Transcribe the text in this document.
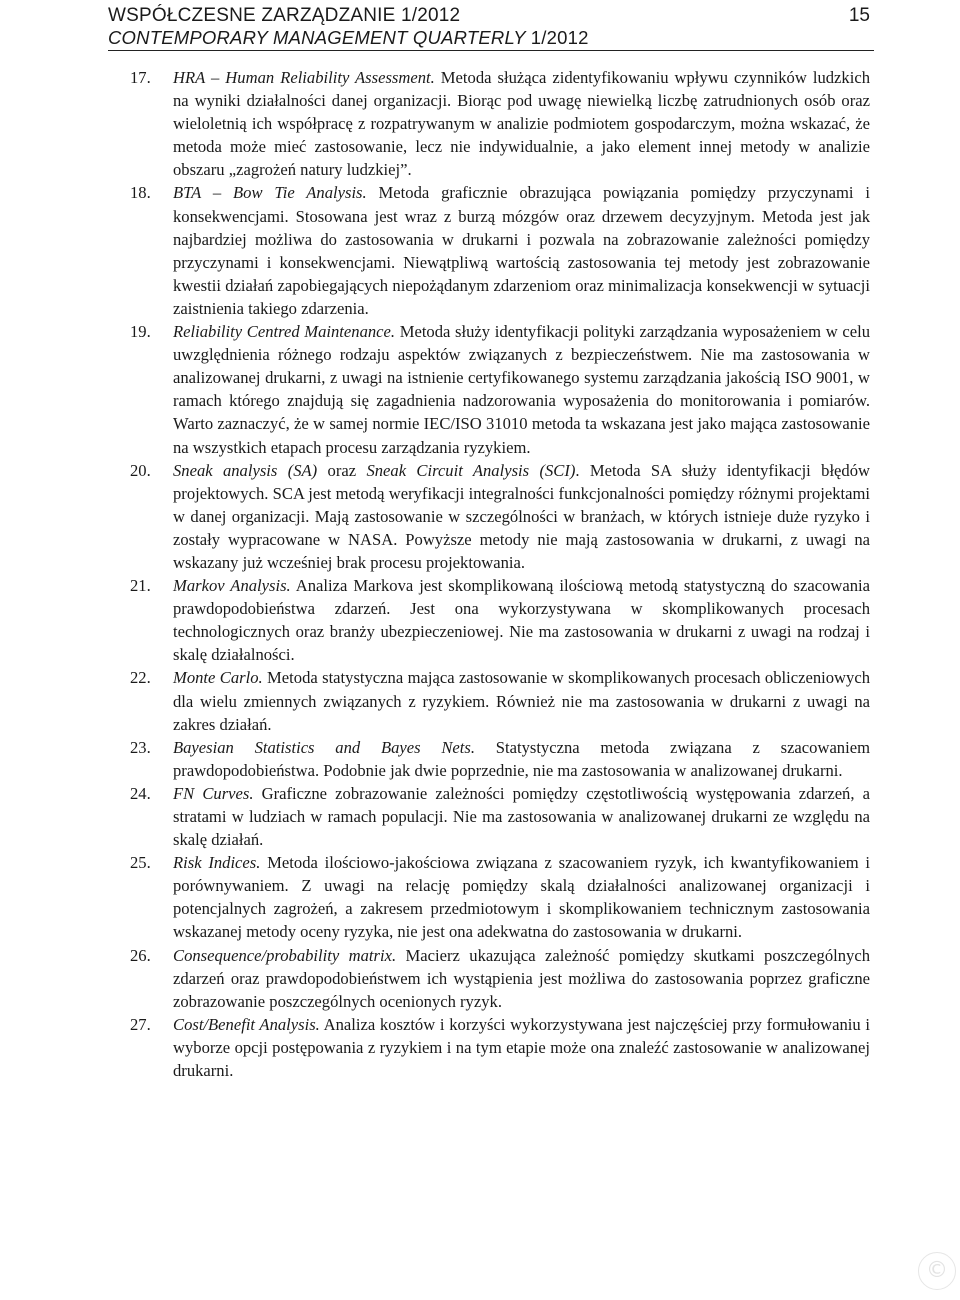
WSPÓŁCZESNE ZARZĄDZANIE 1/2012
CONTEMPORARY MANAGEMENT QUARTERLY 1/2012
15
17.	HRA – Human Reliability Assessment. Metoda służąca zidentyfikowaniu wpływu czynników ludzkich na wyniki działalności danej organizacji. Biorąc pod uwagę niewielką liczbę zatrudnionych osób oraz wieloletnią ich współpracę z rozpatrywanym w analizie podmiotem gospodarczym, można wskazać, że metoda może mieć zastosowanie, lecz nie indywidualnie, a jako element innej metody w analizie obszaru „zagrożeń natury ludzkiej”.
18.	BTA – Bow Tie Analysis. Metoda graficznie obrazująca powiązania pomiędzy przyczynami i konsekwencjami. Stosowana jest wraz z burzą mózgów oraz drzewem decyzyjnym. Metoda jest jak najbardziej możliwa do zastosowania w drukarni i pozwala na zobrazowanie zależności pomiędzy przyczynami i konsekwencjami. Niewątpliwą wartością zastosowania tej metody jest zobrazowanie kwestii działań zapobiegających niepożądanym zdarzeniom oraz minimalizacja konsekwencji w sytuacji zaistnienia takiego zdarzenia.
19.	Reliability Centred Maintenance. Metoda służy identyfikacji polityki zarządzania wyposażeniem w celu uwzględnienia różnego rodzaju aspektów związanych z bezpieczeństwem. Nie ma zastosowania w analizowanej drukarni, z uwagi na istnienie certyfikowanego systemu zarządzania jakością ISO 9001, w ramach którego znajdują się zagadnienia nadzorowania wyposażenia do monitorowania i pomiarów. Warto zaznaczyć, że w samej normie IEC/ISO 31010 metoda ta wskazana jest jako mająca zastosowanie na wszystkich etapach procesu zarządzania ryzykiem.
20.	Sneak analysis (SA) oraz Sneak Circuit Analysis (SCI). Metoda SA służy identyfikacji błędów projektowych. SCA jest metodą weryfikacji integralności funkcjonalności pomiędzy różnymi projektami w danej organizacji. Mają zastosowanie w szczególności w branżach, w których istnieje duże ryzyko i zostały wypracowane w NASA. Powyższe metody nie mają zastosowania w drukarni, z uwagi na wskazany już wcześniej brak procesu projektowania.
21.	Markov Analysis. Analiza Markova jest skomplikowaną ilościową metodą statystyczną do szacowania prawdopodobieństwa zdarzeń. Jest ona wykorzystywana w skomplikowanych procesach technologicznych oraz branży ubezpieczeniowej. Nie ma zastosowania w drukarni z uwagi na rodzaj i skalę działalności.
22.	Monte Carlo. Metoda statystyczna mająca zastosowanie w skomplikowanych procesach obliczeniowych dla wielu zmiennych związanych z ryzykiem. Również nie ma zastosowania w drukarni z uwagi na zakres działań.
23.	Bayesian Statistics and Bayes Nets. Statystyczna metoda związana z szacowaniem prawdopodobieństwa. Podobnie jak dwie poprzednie, nie ma zastosowania w analizowanej drukarni.
24.	FN Curves. Graficzne zobrazowanie zależności pomiędzy częstotliwością występowania zdarzeń, a stratami w ludziach w ramach populacji. Nie ma zastosowania w analizowanej drukarni ze względu na skalę działań.
25.	Risk Indices. Metoda ilościowo-jakościowa związana z szacowaniem ryzyk, ich kwantyfikowaniem i porównywaniem. Z uwagi na relację pomiędzy skalą działalności analizowanej organizacji i potencjalnych zagrożeń, a zakresem przedmiotowym i skomplikowaniem technicznym zastosowania wskazanej metody oceny ryzyka, nie jest ona adekwatna do zastosowania w drukarni.
26.	Consequence/probability matrix. Macierz ukazująca zależność pomiędzy skutkami poszczególnych zdarzeń oraz prawdopodobieństwem ich wystąpienia jest możliwa do zastosowania poprzez graficzne zobrazowanie poszczególnych ocenionych ryzyk.
27.	Cost/Benefit Analysis. Analiza kosztów i korzyści wykorzystywana jest najczęściej przy formułowaniu i wyborze opcji postępowania z ryzykiem i na tym etapie może ona znaleźć zastosowanie w analizowanej drukarni.
©
